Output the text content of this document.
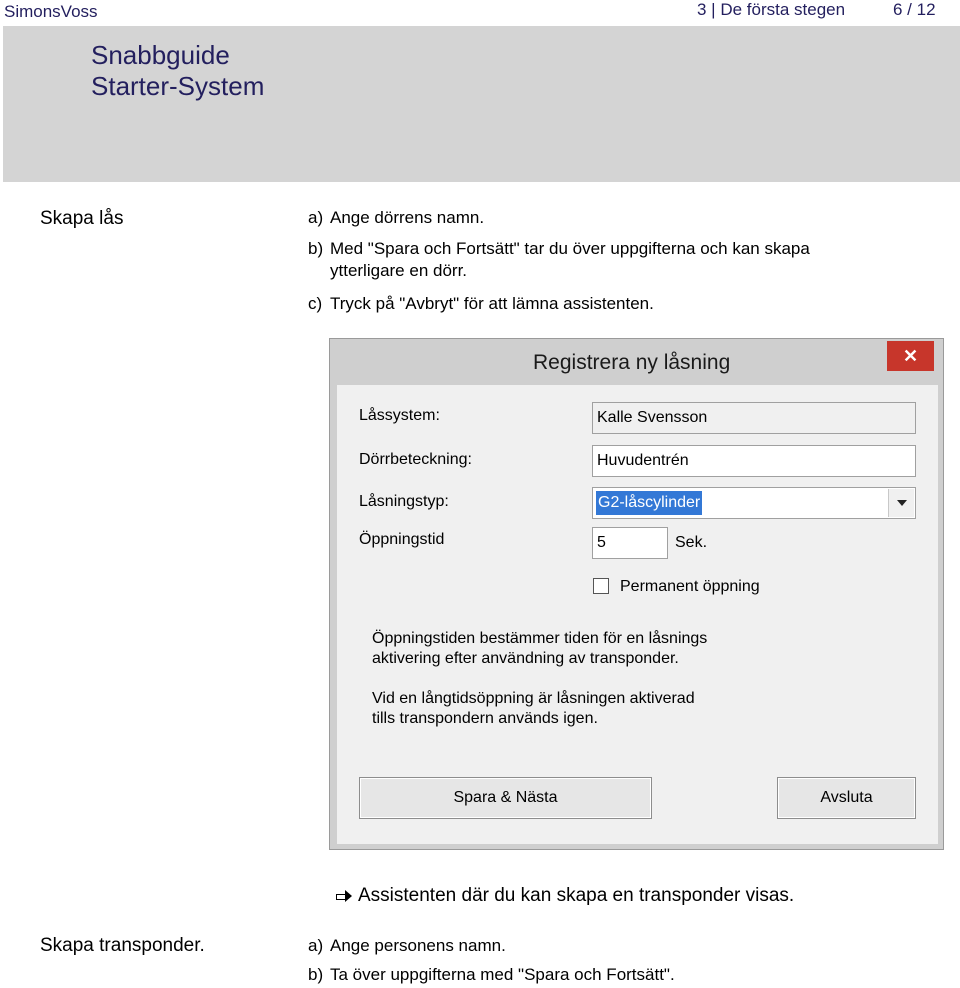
SimonsVoss	3 | De första stegen	6 / 12
Snabbguide
Starter-System
Skapa lås	a) Ange dörrens namn.
b) Med "Spara och Fortsätt" tar du över uppgifterna och kan skapa
ytterligare en dörr.
c) Tryck på "Avbryt" för att lämna assistenten.
Registrera ny låsning	✕
Låssystem:	Kalle Svensson
Dörrbeteckning:	Huvudentrén
Låsningstyp:	G2-låscylinder
Öppningstid	5	Sek.
Permanent öppning
Öppningstiden bestämmer tiden för en låsnings
aktivering efter användning av transponder.
Vid en långtidsöppning är låsningen aktiverad
tills transpondern används igen.
Spara & Nästa	Avsluta
Assistenten där du kan skapa en transponder visas.
Skapa transponder.	a) Ange personens namn.
b) Ta över uppgifterna med "Spara och Fortsätt".
